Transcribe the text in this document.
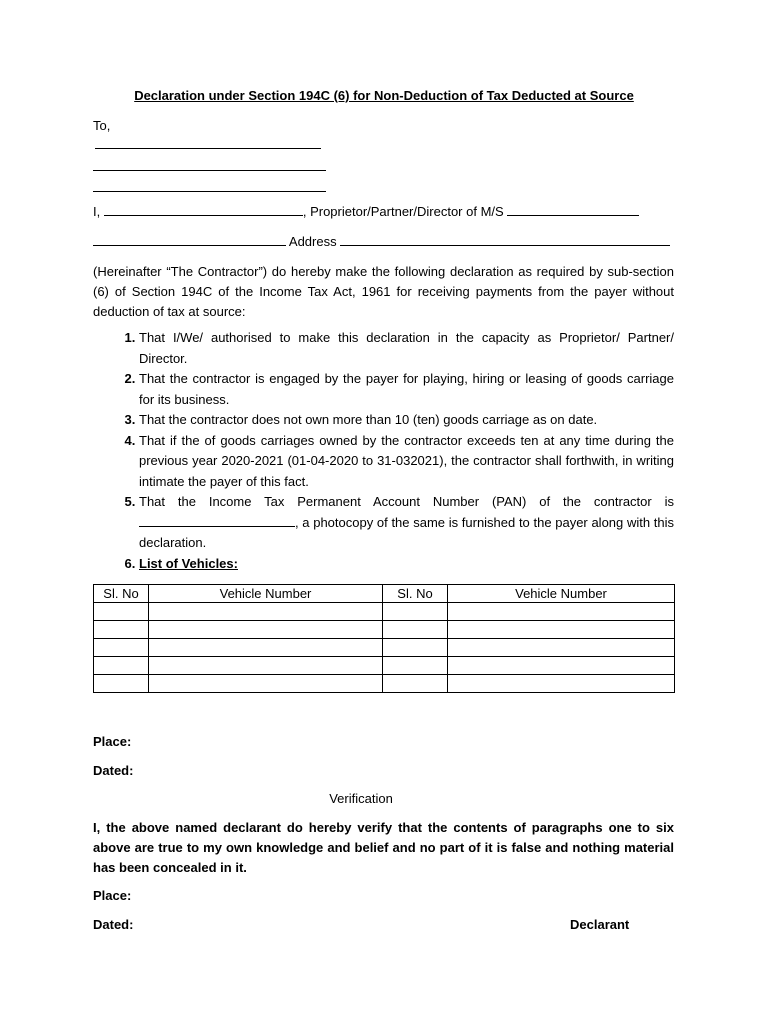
Declaration under Section 194C (6) for Non-Deduction of Tax Deducted at Source
To,
I,	, Proprietor/Partner/Director of M/S
Address
(Hereinafter “The Contractor”) do hereby make the following declaration as required by sub-section (6) of Section 194C of the Income Tax Act, 1961 for receiving payments from the payer without deduction of tax at source:
1. That I/We/ authorised to make this declaration in the capacity as Proprietor/ Partner/ Director.
2. That the contractor is engaged by the payer for playing, hiring or leasing of goods carriage for its business.
3. That the contractor does not own more than 10 (ten) goods carriage as on date.
4. That if the of goods carriages owned by the contractor exceeds ten at any time during the previous year 2020-2021 (01-04-2020 to 31-032021), the contractor shall forthwith, in writing intimate the payer of this fact.
5. That the Income Tax Permanent Account Number (PAN) of the contractor is , a photocopy of the same is furnished to the payer along with this declaration.
6. List of Vehicles:
Sl. No	Vehicle Number	Sl. No	Vehicle Number

Place:
Dated:
Verification
I, the above named declarant do hereby verify that the contents of paragraphs one to six above are true to my own knowledge and belief and no part of it is false and nothing material has been concealed in it.
Place:
Dated:	Declarant
